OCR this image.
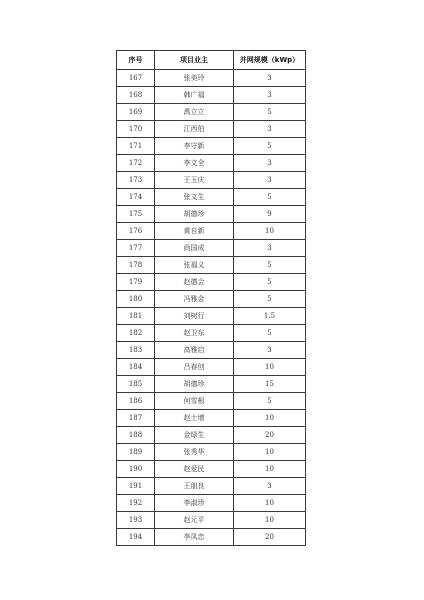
序号	项目业主	并网规模（kWp）
167	张美玲	3
168	韩广福	3
169	禹立立	5
170	江西伯	3
171	李守新	5
172	李文全	3
173	王玉庆	3
174	张文生	5
175	胡德珍	9
176	黄自新	10
177	尚国成	3
178	张福义	5
179	赵德会	5
180	冯雅金	5
181	刘树行	1.5
182	赵卫东	5
183	高雅启	3
184	吕春创	10
185	胡德珍	15
186	何雪根	5
187	赵士增	10
188	金绿生	20
189	张秀华	10
190	赵爱民	10
191	王朋良	3
192	李淑珍	10
193	赵元平	10
194	李凤忠	20
